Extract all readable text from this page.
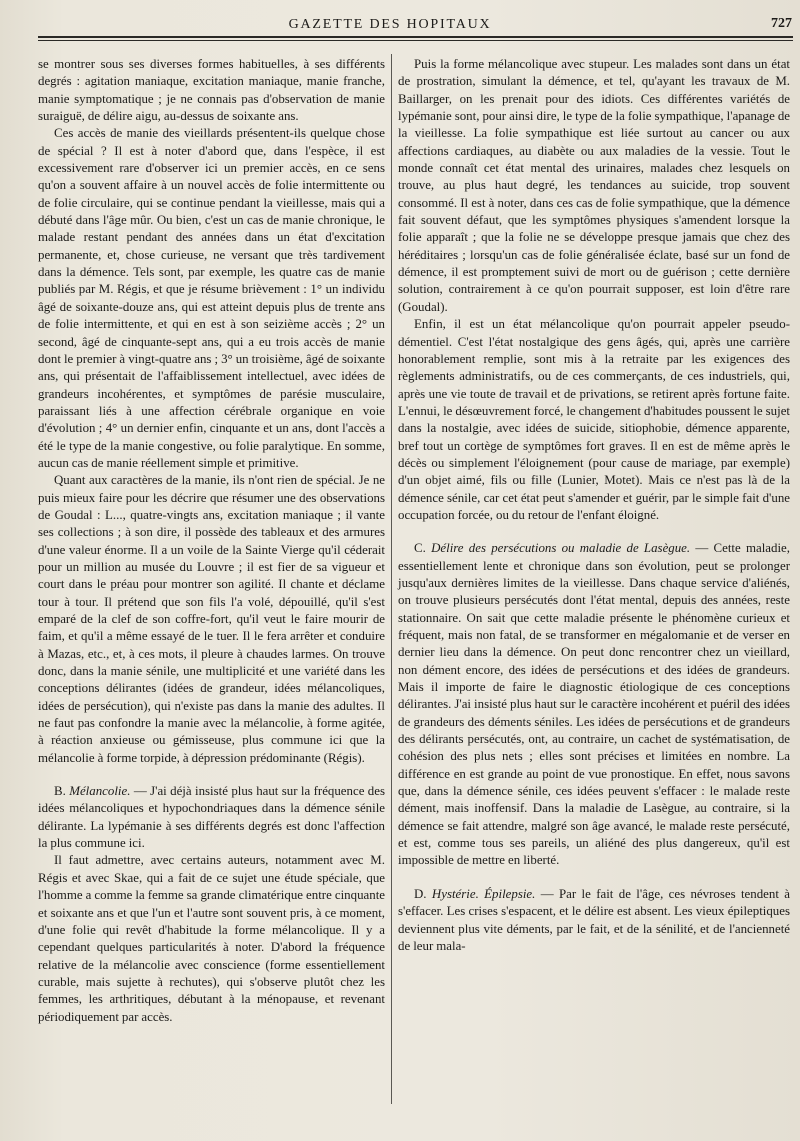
GAZETTE DES HOPITAUX	727

se montrer sous ses diverses formes habituelles, à ses différents degrés : agitation maniaque, excitation maniaque, manie franche, manie symptomatique ; je ne connais pas d'observation de manie suraiguë, de délire aigu, au-dessus de soixante ans.

Ces accès de manie des vieillards présentent-ils quelque chose de spécial ? Il est à noter d'abord que, dans l'espèce, il est excessivement rare d'observer ici un premier accès, en ce sens qu'on a souvent affaire à un nouvel accès de folie intermittente ou de folie circulaire, qui se continue pendant la vieillesse, mais qui a débuté dans l'âge mûr. Ou bien, c'est un cas de manie chronique, le malade restant pendant des années dans un état d'excitation permanente, et, chose curieuse, ne versant que très tardivement dans la démence. Tels sont, par exemple, les quatre cas de manie publiés par M. Régis, et que je résume brièvement : 1° un individu âgé de soixante-douze ans, qui est atteint depuis plus de trente ans de folie intermittente, et qui en est à son seizième accès ; 2° un second, âgé de cinquante-sept ans, qui a eu trois accès de manie dont le premier à vingt-quatre ans ; 3° un troisième, âgé de soixante ans, qui présentait de l'affaiblissement intellectuel, avec idées de grandeurs incohérentes, et symptômes de parésie musculaire, paraissant liés à une affection cérébrale organique en voie d'évolution ; 4° un dernier enfin, cinquante et un ans, dont l'accès a été le type de la manie congestive, ou folie paralytique. En somme, aucun cas de manie réellement simple et primitive.

Quant aux caractères de la manie, ils n'ont rien de spécial. Je ne puis mieux faire pour les décrire que résumer une des observations de Goudal : L..., quatre-vingts ans, excitation maniaque ; il vante ses collections ; à son dire, il possède des tableaux et des armures d'une valeur énorme. Il a un voile de la Sainte Vierge qu'il céderait pour un million au musée du Louvre ; il est fier de sa vigueur et court dans le préau pour montrer son agilité. Il chante et déclame tour à tour. Il prétend que son fils l'a volé, dépouillé, qu'il s'est emparé de la clef de son coffre-fort, qu'il veut le faire mourir de faim, et qu'il a même essayé de le tuer. Il le fera arrêter et conduire à Mazas, etc., et, à ces mots, il pleure à chaudes larmes. On trouve donc, dans la manie sénile, une multiplicité et une variété dans les conceptions délirantes (idées de grandeur, idées mélancoliques, idées de persécution), qui n'existe pas dans la manie des adultes. Il ne faut pas confondre la manie avec la mélancolie, à forme agitée, à réaction anxieuse ou gémisseuse, plus commune ici que la mélancolie à forme torpide, à dépression prédominante (Régis).

B. Mélancolie. — J'ai déjà insisté plus haut sur la fréquence des idées mélancoliques et hypochondriaques dans la démence sénile délirante. La lypémanie à ses différents degrés est donc l'affection la plus commune ici.

Il faut admettre, avec certains auteurs, notamment avec M. Régis et avec Skae, qui a fait de ce sujet une étude spéciale, que l'homme a comme la femme sa grande climatérique entre cinquante et soixante ans et que l'un et l'autre sont souvent pris, à ce moment, d'une folie qui revêt d'habitude la forme mélancolique. Il y a cependant quelques particularités à noter. D'abord la fréquence relative de la mélancolie avec conscience (forme essentiellement curable, mais sujette à rechutes), qui s'observe plutôt chez les femmes, les arthritiques, débutant à la ménopause, et revenant périodiquement par accès.

Puis la forme mélancolique avec stupeur. Les malades sont dans un état de prostration, simulant la démence, et tel, qu'ayant les travaux de M. Baillarger, on les prenait pour des idiots. Ces différentes variétés de lypémanie sont, pour ainsi dire, le type de la folie sympathique, l'apanage de la vieillesse. La folie sympathique est liée surtout au cancer ou aux affections cardiaques, au diabète ou aux maladies de la vessie. Tout le monde connaît cet état mental des urinaires, malades chez lesquels on trouve, au plus haut degré, les tendances au suicide, trop souvent consommé. Il est à noter, dans ces cas de folie sympathique, que la démence fait souvent défaut, que les symptômes physiques s'amendent lorsque la folie apparaît ; que la folie ne se développe presque jamais que chez des héréditaires ; lorsqu'un cas de folie généralisée éclate, basé sur un fond de démence, il est promptement suivi de mort ou de guérison ; cette dernière solution, contrairement à ce qu'on pourrait supposer, est loin d'être rare (Goudal).

Enfin, il est un état mélancolique qu'on pourrait appeler pseudo-démentiel. C'est l'état nostalgique des gens âgés, qui, après une carrière honorablement remplie, sont mis à la retraite par les exigences des règlements administratifs, ou de ces commerçants, de ces industriels, qui, après une vie toute de travail et de privations, se retirent après fortune faite. L'ennui, le désœuvrement forcé, le changement d'habitudes poussent le sujet dans la nostalgie, avec idées de suicide, sitiophobie, démence apparente, bref tout un cortège de symptômes fort graves. Il en est de même après le décès ou simplement l'éloignement (pour cause de mariage, par exemple) d'un objet aimé, fils ou fille (Lunier, Motet). Mais ce n'est pas là de la démence sénile, car cet état peut s'amender et guérir, par le simple fait d'une occupation forcée, ou du retour de l'enfant éloigné.

C. Délire des persécutions ou maladie de Lasègue. — Cette maladie, essentiellement lente et chronique dans son évolution, peut se prolonger jusqu'aux dernières limites de la vieillesse. Dans chaque service d'aliénés, on trouve plusieurs persécutés dont l'état mental, depuis des années, reste stationnaire. On sait que cette maladie présente le phénomène curieux et fréquent, mais non fatal, de se transformer en mégalomanie et de verser en dernier lieu dans la démence. On peut donc rencontrer chez un vieillard, non dément encore, des idées de persécutions et des idées de grandeurs. Mais il importe de faire le diagnostic étiologique de ces conceptions délirantes. J'ai insisté plus haut sur le caractère incohérent et puéril des idées de grandeurs des déments séniles. Les idées de persécutions et de grandeurs des délirants persécutés, ont, au contraire, un cachet de systématisation, de cohésion des plus nets ; elles sont précises et limitées en nombre. La différence en est grande au point de vue pronostique. En effet, nous savons que, dans la démence sénile, ces idées peuvent s'effacer : le malade reste dément, mais inoffensif. Dans la maladie de Lasègue, au contraire, si la démence se fait attendre, malgré son âge avancé, le malade reste persécuté, et est, comme tous ses pareils, un aliéné des plus dangereux, qu'il est impossible de mettre en liberté.

D. Hystérie. Épilepsie. — Par le fait de l'âge, ces névroses tendent à s'effacer. Les crises s'espacent, et le délire est absent. Les vieux épileptiques deviennent plus vite déments, par le fait, et de la sénilité, et de l'ancienneté de leur mala-
